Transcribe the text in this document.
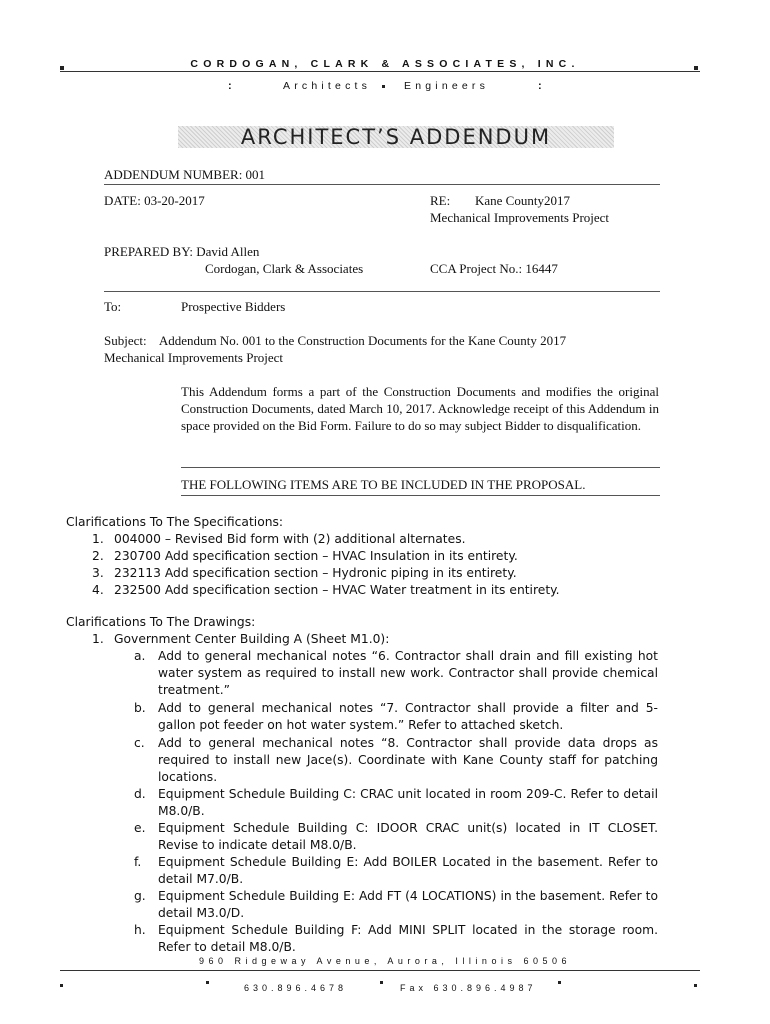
CORDOGAN, CLARK & ASSOCIATES, INC.
:	Architects	Engineers	:
ARCHITECT’S ADDENDUM
ADDENDUM NUMBER: 001
DATE: 03-20-2017	RE: Kane County2017
Mechanical Improvements Project
PREPARED BY: David Allen
Cordogan, Clark & Associates	CCA Project No.: 16447
To:	Prospective Bidders
Subject:    Addendum No. 001 to the Construction Documents for the Kane County 2017
Mechanical Improvements Project
This Addendum forms a part of the Construction Documents and modifies the original Construction Documents, dated March 10, 2017. Acknowledge receipt of this Addendum in space provided on the Bid Form. Failure to do so may subject Bidder to disqualification.
THE FOLLOWING ITEMS ARE TO BE INCLUDED IN THE PROPOSAL.
Clarifications To The Specifications:
1. 004000 – Revised Bid form with (2) additional alternates.
2. 230700 Add specification section – HVAC Insulation in its entirety.
3. 232113 Add specification section – Hydronic piping in its entirety.
4. 232500 Add specification section – HVAC Water treatment in its entirety.
Clarifications To The Drawings:
1. Government Center Building A (Sheet M1.0):
a. Add to general mechanical notes “6. Contractor shall drain and fill existing hot water system as required to install new work. Contractor shall provide chemical treatment.”
b. Add to general mechanical notes “7. Contractor shall provide a filter and 5-gallon pot feeder on hot water system.” Refer to attached sketch.
c. Add to general mechanical notes “8. Contractor shall provide data drops as required to install new Jace(s). Coordinate with Kane County staff for patching locations.
d. Equipment Schedule Building C: CRAC unit located in room 209-C. Refer to detail M8.0/B.
e. Equipment Schedule Building C: IDOOR CRAC unit(s) located in IT CLOSET. Revise to indicate detail M8.0/B.
f. Equipment Schedule Building E: Add BOILER Located in the basement. Refer to detail M7.0/B.
g. Equipment Schedule Building E: Add FT (4 LOCATIONS) in the basement. Refer to detail M3.0/D.
h. Equipment Schedule Building F: Add MINI SPLIT located in the storage room. Refer to detail M8.0/B.
960 Ridgeway Avenue, Aurora, Illinois 60506
630.896.4678	Fax 630.896.4987
